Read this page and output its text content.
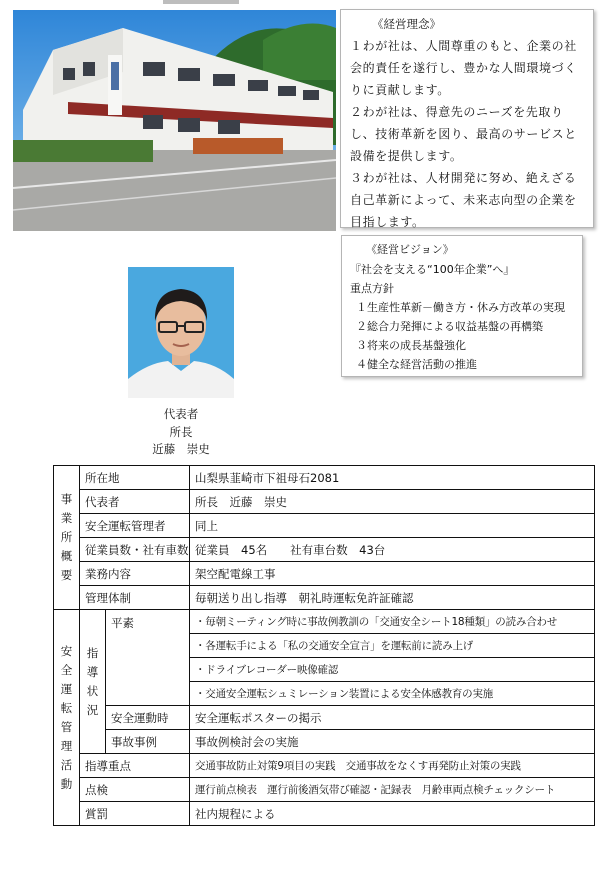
《経営理念》

１わが社は、人間尊重のもと、企業の社会的責任を遂行し、豊かな人間環境づくりに貢献します。

２わが社は、得意先のニーズを先取りし、技術革新を図り、最高のサービスと設備を提供します。

３わが社は、人材開発に努め、絶えざる自己革新によって、未来志向型の企業を目指します。

《経営ビジョン》

『社会を支える“100年企業”へ』

重点方針

１生産性革新－働き方・休み方改革の実現

２総合力発揮による収益基盤の再構築

３将来の成長基盤強化

４健全な経営活動の推進

代表者
所長
近藤　崇史
事業所概要	所在地		山梨県韮崎市下祖母石2081
	代表者		所長　近藤　崇史
	安全運転管理者		同上
	従業員数・社有車数		従業員　45名　　社有車台数　43台
	業務内容		架空配電線工事
	管理体制		毎朝送り出し指導　朝礼時運転免許証確認
安全運転管理活動	指導状況	平素	・毎朝ミーティング時に事故例教訓の「交通安全シート18種類」の読み合わせ
			・各運転手による「私の交通安全宣言」を運転前に読み上げ
			・ドライブレコーダー映像確認
			・交通安全運転シュミレーション装置による安全体感教育の実施
		安全運動時	安全運転ポスターの掲示
		事故事例	事故例検討会の実施
	指導重点		交通事故防止対策9項目の実践　交通事故をなくす再発防止対策の実践
	点検		運行前点検表　運行前後酒気帯び確認・記録表　月齢車両点検チェックシート
	賞罰		社内規程による
